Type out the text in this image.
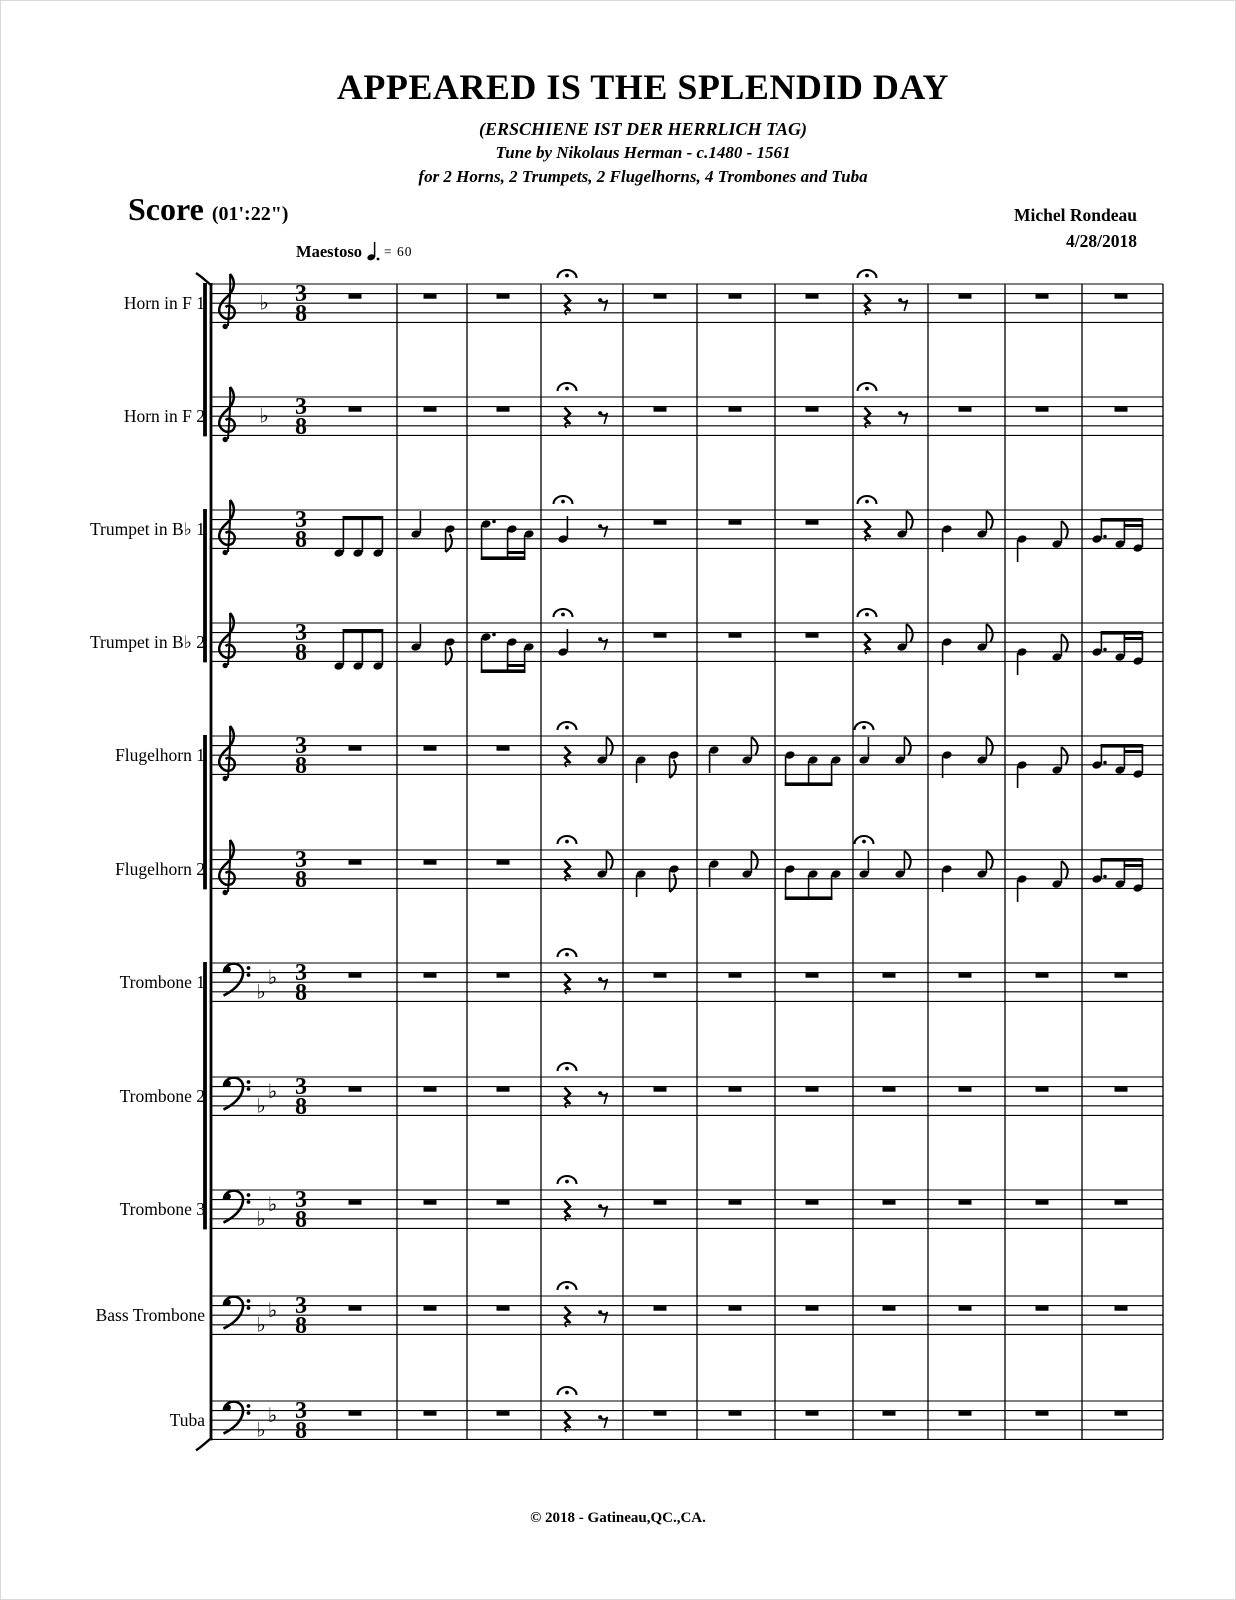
APPEARED IS THE SPLENDID DAY
(ERSCHIENE IST DER HERRLICH TAG)
Tune by Nikolaus Herman - c.1480 - 1561
for 2 Horns, 2 Trumpets, 2 Flugelhorns, 4 Trombones and Tuba
Score (01':22")	Michel Rondeau
4/28/2018
Maestoso = 60
Horn in F 1	♭ 3
8
Horn in F 2	♭ 3
8
Trumpet in B♭ 1	3
8
Trumpet in B♭ 2	3
8
Flugelhorn 1	3
8
Flugelhorn 2	3
8
Trombone 1	♭
♭ 3
8
Trombone 2	♭
♭ 3
8
Trombone 3	♭
♭ 3
8
Bass Trombone	♭
♭ 3
8
Tuba	♭
♭ 3
8
© 2018 - Gatineau,QC.,CA.
